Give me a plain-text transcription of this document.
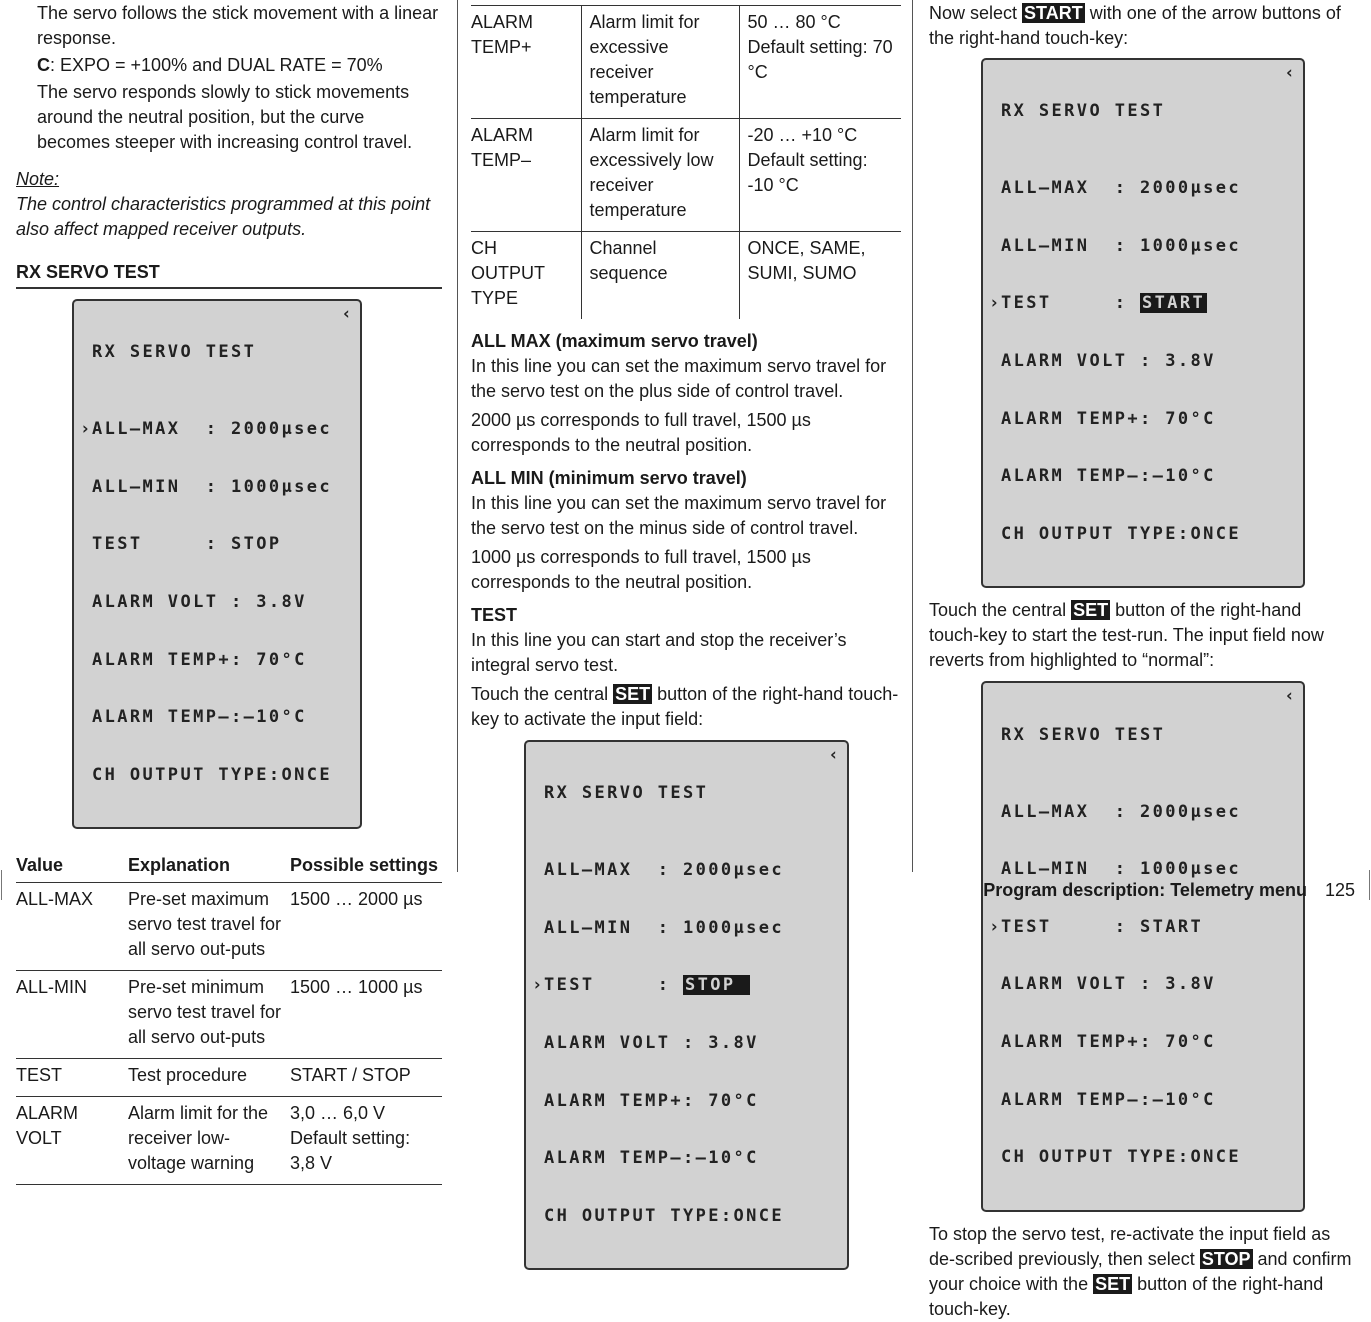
The servo follows the stick movement with a linear response.

C: EXPO = +100% and DUAL RATE = 70%

The servo responds slowly to stick movements around the neutral position, but the curve becomes steeper with increasing control travel.

Note:

The control characteristics programmed at this point also affect mapped receiver outputs.

RX SERVO TEST

RX SERVO TEST

‹

› ALL–MAX  : 2000μsec

ALL–MIN  : 1000μsec

TEST     : STOP

ALARM VOLT : 3.8V

ALARM TEMP+: 70°C

ALARM TEMP–:–10°C

CH OUTPUT TYPE:ONCE

Value	Explanation	Possible settings
ALL-MAX	Pre-set maximum servo test travel for all servo out-puts	1500 … 2000 µs
ALL-MIN	Pre-set minimum servo test travel for all servo out-puts	1500 … 1000 µs
TEST	Test procedure	START / STOP
ALARM VOLT	Alarm limit for the receiver low-voltage warning	3,0 … 6,0 V Default setting: 3,8 V
ALARM TEMP+	Alarm limit for excessive receiver temperature	50 … 80 °C Default setting: 70 °C
ALARM TEMP–	Alarm limit for excessively low receiver temperature	-20 … +10 °C Default setting: -10 °C
CH OUTPUT TYPE	Channel sequence	ONCE, SAME, SUMI, SUMO

ALL MAX (maximum servo travel)

In this line you can set the maximum servo travel for the servo test on the plus side of control travel.

2000 µs corresponds to full travel, 1500 µs corresponds to the neutral position.

ALL MIN (minimum servo travel)

In this line you can set the maximum servo travel for the servo test on the minus side of control travel.

1000 µs corresponds to full travel, 1500 µs corresponds to the neutral position.

TEST

In this line you can start and stop the receiver’s integral servo test.

Touch the central SET button of the right-hand touch-key to activate the input field:

RX SERVO TEST

‹

ALL–MAX  : 2000μsec

ALL–MIN  : 1000μsec

› TEST     : STOP

ALARM VOLT : 3.8V

ALARM TEMP+: 70°C

ALARM TEMP–:–10°C

CH OUTPUT TYPE:ONCE

Now select START with one of the arrow buttons of the right-hand touch-key:

RX SERVO TEST

‹

ALL–MAX  : 2000μsec

ALL–MIN  : 1000μsec

› TEST     : START

ALARM VOLT : 3.8V

ALARM TEMP+: 70°C

ALARM TEMP–:–10°C

CH OUTPUT TYPE:ONCE

Touch the central SET button of the right-hand touch-key to start the test-run. The input field now reverts from highlighted to “normal”:

RX SERVO TEST

‹

ALL–MAX  : 2000μsec

ALL–MIN  : 1000μsec

› TEST     : START

ALARM VOLT : 3.8V

ALARM TEMP+: 70°C

ALARM TEMP–:–10°C

CH OUTPUT TYPE:ONCE

To stop the servo test, re-activate the input field as de-scribed previously, then select STOP and confirm your choice with the SET button of the right-hand touch-key.

Program description: Telemetry menu 125
